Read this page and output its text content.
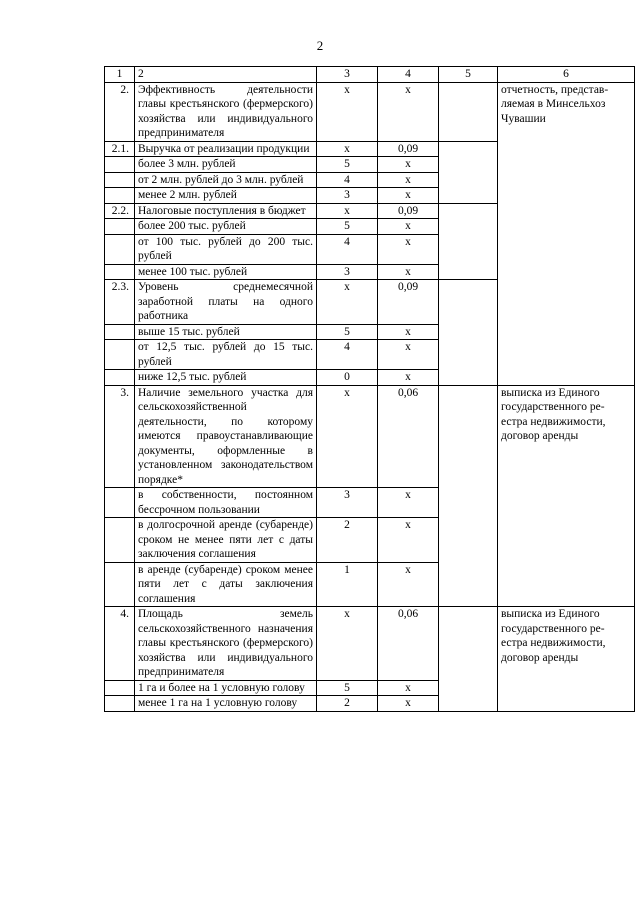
2
1	2	3	4	5	6
2.	Эффективность деятельности главы крестьянского (фермерского) хозяйства или индивидуального предпринимателя	х	х		отчетность, представ-
ляемая в Минсельхоз
Чувашии

2.1.	Выручка от реализации продукции	х	0,09		
	более 3 млн. рублей	5	х		
	от 2 млн. рублей до 3 млн. рублей	4	х		
	менее 2 млн. рублей	3	х		
2.2.	Налоговые поступления в бюджет	х	0,09		
	более 200 тыс. рублей	5	х		
	от 100 тыс. рублей до 200 тыс. рублей	4	х		
	менее 100 тыс. рублей	3	х		
2.3.	Уровень среднемесячной заработной платы на одного работника	х	0,09		
	выше 15 тыс. рублей	5	х		
	от 12,5 тыс. рублей до 15 тыс. рублей	4	х		
	ниже 12,5 тыс. рублей	0	х		
3.	Наличие земельного участка для сельскохозяйственной деятельности, по которому имеются правоустанавливающие документы, оформленные в установленном законодательством порядке*	х	0,06		выписка из Единого
государственного ре-
естра недвижимости,
договор аренды

	в собственности, постоянном бессрочном пользовании	3	х		
	в долгосрочной аренде (субаренде) сроком не менее пяти лет с даты заключения соглашения	2	х		
	в аренде (субаренде) сроком менее пяти лет с даты заключения соглашения	1	х		
4.	Площадь земель сельскохозяйственного назначения главы крестьянского (фермерского) хозяйства или индивидуального предпринимателя	х	0,06		выписка из Единого
государственного ре-
естра недвижимости,
договор аренды

	1 га и более на 1 условную голову	5	х		
	менее 1 га на 1 условную голову	2	х		
